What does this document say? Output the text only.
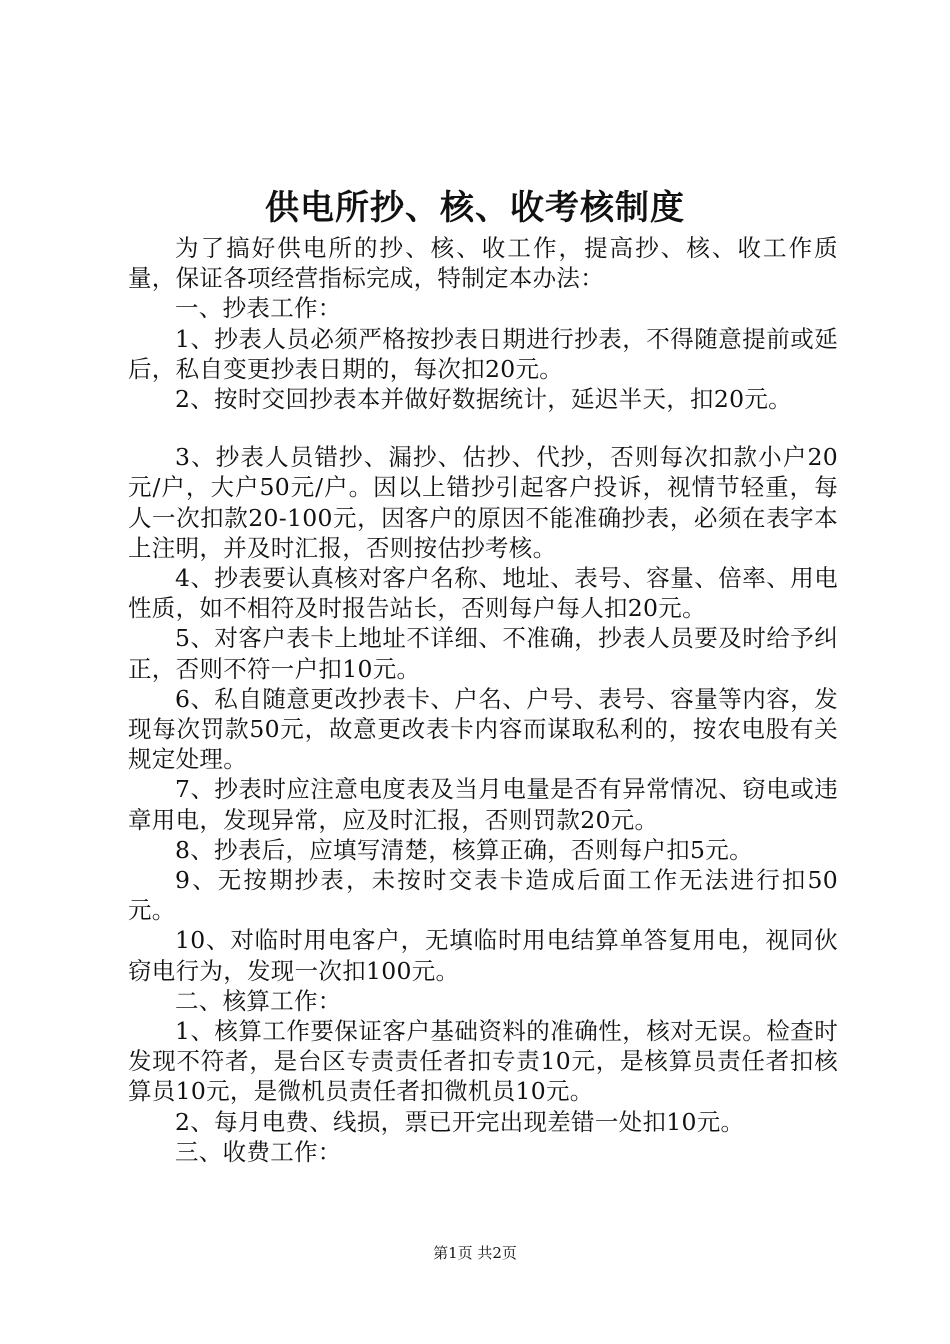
供电所抄、核、收考核制度

为了搞好供电所的抄、核、收工作，提高抄、核、收工作质量，保证各项经营指标完成，特制定本办法：

一、抄表工作：

1、抄表人员必须严格按抄表日期进行抄表，不得随意提前或延后，私自变更抄表日期的，每次扣20元。

2、按时交回抄表本并做好数据统计，延迟半天，扣20元。

3、抄表人员错抄、漏抄、估抄、代抄，否则每次扣款小户20元/户，大户50元/户。因以上错抄引起客户投诉，视情节轻重，每人一次扣款20-100元，因客户的原因不能准确抄表，必须在表字本上注明，并及时汇报，否则按估抄考核。

4、抄表要认真核对客户名称、地址、表号、容量、倍率、用电性质，如不相符及时报告站长，否则每户每人扣20元。

5、对客户表卡上地址不详细、不准确，抄表人员要及时给予纠正，否则不符一户扣10元。

6、私自随意更改抄表卡、户名、户号、表号、容量等内容，发现每次罚款50元，故意更改表卡内容而谋取私利的，按农电股有关规定处理。

7、抄表时应注意电度表及当月电量是否有异常情况、窃电或违章用电，发现异常，应及时汇报，否则罚款20元。

8、抄表后，应填写清楚，核算正确，否则每户扣5元。

9、无按期抄表，未按时交表卡造成后面工作无法进行扣50元。

10、对临时用电客户，无填临时用电结算单答复用电，视同伙窃电行为，发现一次扣100元。

二、核算工作：

1、核算工作要保证客户基础资料的准确性，核对无误。检查时发现不符者，是台区专责责任者扣专责10元，是核算员责任者扣核算员10元，是微机员责任者扣微机员10元。

2、每月电费、线损，票已开完出现差错一处扣10元。

三、收费工作：

第1页 共2页
